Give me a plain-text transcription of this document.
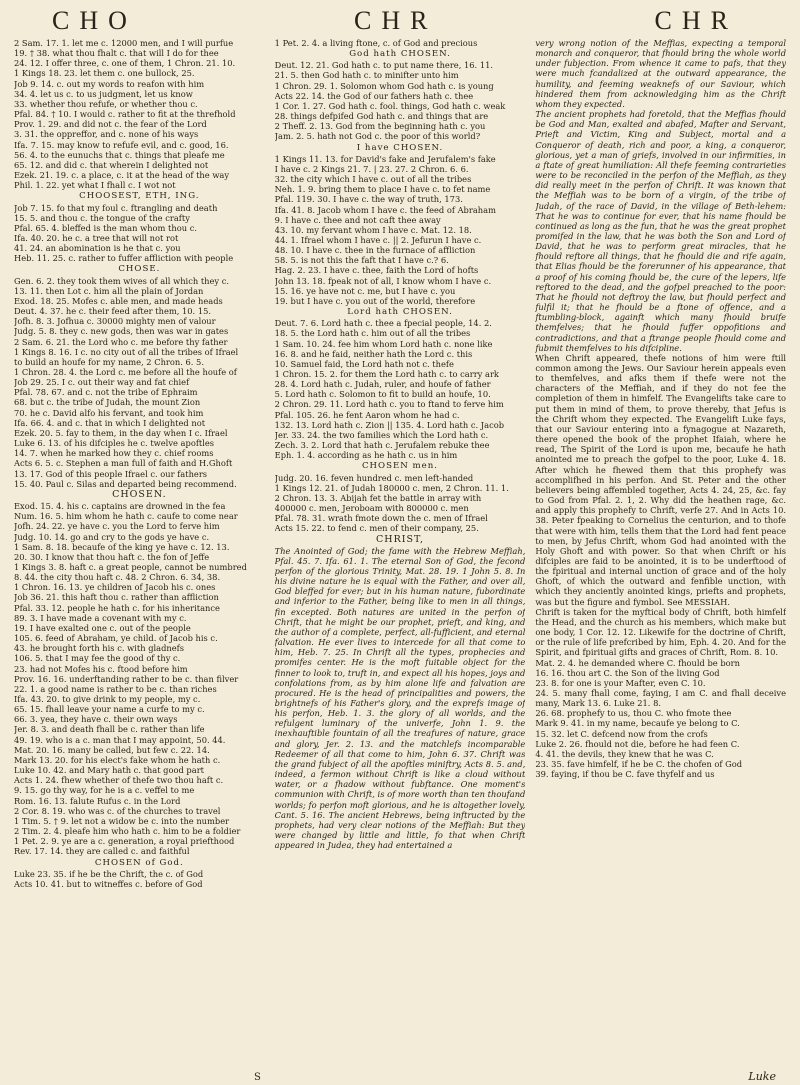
CHO	CHR	CHR

2 Sam. 17. 1. let me c. 12000 men, and I will purfue

19. † 38. what thou fhalt c. that will I do for thee

24. 12. I offer three, c. one of them, 1 Chron. 21. 10.

1 Kings 18. 23. let them c. one bullock, 25.

Job 9. 14. c. out my words to reafon with him

34. 4. let us c. to us judgment, let us know

33. whether thou refufe, or whether thou c.

Pfal. 84. † 10. I would c. rather to fit at the threfhold

Prov. 1. 29. and did not c. the fear of the Lord

3. 31. the oppreffor, and c. none of his ways

Ifa. 7. 15. may know to refufe evil, and c. good, 16.

56. 4. to the eunuchs that c. things that pleafe me

65. 12. and did c. that wherein I delighted not

Ezek. 21. 19. c. a place, c. it at the head of the way

Phil. 1. 22. yet what I fhall c. I wot not

CHOOSEST, ETH, ING.

Job 7. 15. fo that my foul c. ftrangling and death

15. 5. and thou c. the tongue of the crafty

Pfal. 65. 4. bleffed is the man whom thou c.

Ifa. 40. 20. he c. a tree that will not rot

41. 24. an abomination is he that c. you

Heb. 11. 25. c. rather to fuffer affliction with people

CHOSE.

Gen. 6. 2. they took them wives of all which they c.

13. 11. then Lot c. him all the plain of Jordan

Exod. 18. 25. Mofes c. able men, and made heads

Deut. 4. 37. he c. their feed after them, 10. 15.

Jofh. 8. 3. Jofhua c. 30000 mighty men of valour

Judg. 5. 8. they c. new gods, then was war in gates

2 Sam. 6. 21. the Lord who c. me before thy father

1 Kings 8. 16. I c. no city out of all the tribes of Ifrael

to build an houfe for my name, 2 Chron. 6. 5.

1 Chron. 28. 4. the Lord c. me before all the houfe of

Job 29. 25. I c. out their way and fat chief

Pfal. 78. 67. and c. not the tribe of Ephraim

68. but c. the tribe of Judah, the mount Zion

70. he c. David alfo his fervant, and took him

Ifa. 66. 4. and c. that in which I delighted not

Ezek. 20. 5. fay to them, in the day when I c. Ifrael

Luke 6. 13. of his difciples he c. twelve apoftles

14. 7. when he marked how they c. chief rooms

Acts 6. 5. c. Stephen a man full of faith and H.Ghoft

13. 17. God of this people Ifrael c. our fathers

15. 40. Paul c. Silas and departed being recommend.

CHOSEN.

Exod. 15. 4. his c. captains are drowned in the fea

Num. 16. 5. him whom he hath c. caufe to come near

Jofh. 24. 22. ye have c. you the Lord to ferve him

Judg. 10. 14. go and cry to the gods ye have c.

1 Sam. 8. 18. becaufe of the king ye have c. 12. 13.

20. 30. I know that thou haft c. the fon of Jeffe

1 Kings 3. 8. haft c. a great people, cannot be numbred

8. 44. the city thou haft c. 48. 2 Chron. 6. 34, 38.

1 Chron. 16. 13. ye children of Jacob his c. ones

Job 36. 21. this haft thou c. rather than affliction

Pfal. 33. 12. people he hath c. for his inheritance

89. 3. I have made a covenant with my c.

19. I have exalted one c. out of the people

105. 6. feed of Abraham, ye child. of Jacob his c.

43. he brought forth his c. with gladnefs

106. 5. that I may fee the good of thy c.

23. had not Mofes his c. ftood before him

Prov. 16. 16. underftanding rather to be c. than filver

22. 1. a good name is rather to be c. than riches

Ifa. 43. 20. to give drink to my people, my c.

65. 15. fhall leave your name a curfe to my c.

66. 3. yea, they have c. their own ways

Jer. 8. 3. and death fhall be c. rather than life

49. 19. who is a c. man that I may appoint, 50. 44.

Mat. 20. 16. many be called, but few c. 22. 14.

Mark 13. 20. for his elect's fake whom he hath c.

Luke 10. 42. and Mary hath c. that good part

Acts 1. 24. fhew whether of thefe two thou haft c.

9. 15. go thy way, for he is a c. veffel to me

Rom. 16. 13. falute Rufus c. in the Lord

2 Cor. 8. 19. who was c. of the churches to travel

1 Tim. 5. † 9. let not a widow be c. into the number

2 Tim. 2. 4. pleafe him who hath c. him to be a foldier

1 Pet. 2. 9. ye are a c. generation, a royal priefthood

Rev. 17. 14. they are called c. and faithful

CHOSEN of God.

Luke 23. 35. if he be the Chrift, the c. of God

Acts 10. 41. but to witneffes c. before of God

1 Pet. 2. 4. a living ftone, c. of God and precious

God hath CHOSEN.

Deut. 12. 21. God hath c. to put name there, 16. 11.

21. 5. then God hath c. to minifter unto him

1 Chron. 29. 1. Solomon whom God hath c. is young

Acts 22. 14. the God of our fathers hath c. thee

1 Cor. 1. 27. God hath c. fool. things, God hath c. weak

28. things defpifed God hath c. and things that are

2 Theff. 2. 13. God from the beginning hath c. you

Jam. 2. 5. hath not God c. the poor of this world?

I have CHOSEN.

1 Kings 11. 13. for David's fake and Jerufalem's fake

I have c. 2 Kings 21. 7. | 23. 27. 2 Chron. 6. 6.

32. the city which I have c. out of all the tribes

Neh. 1. 9. bring them to place I have c. to fet name

Pfal. 119. 30. I have c. the way of truth, 173.

Ifa. 41. 8. Jacob whom I have c. the feed of Abraham

9. I have c. thee and not caft thee away

43. 10. my fervant whom I have c. Mat. 12. 18.

44. 1. Ifrael whom I have c. || 2. Jefurun I have c.

48. 10. I have c. thee in the furnace of affliction

58. 5. is not this the faft that I have c.? 6.

Hag. 2. 23. I have c. thee, faith the Lord of hofts

John 13. 18. fpeak not of all, I know whom I have c.

15. 16. ye have not c. me, but I have c. you

19. but I have c. you out of the world, therefore

Lord hath CHOSEN.

Deut. 7. 6. Lord hath c. thee a fpecial people, 14. 2.

18. 5. the Lord hath c. him out of all the tribes

1 Sam. 10. 24. fee him whom Lord hath c. none like

16. 8. and he faid, neither hath the Lord c. this

10. Samuel faid, the Lord hath not c. thefe

1 Chron. 15. 2. for them the Lord hath c. to carry ark

28. 4. Lord hath c. Judah, ruler, and houfe of father

5. Lord hath c. Solomon to fit to build an houfe, 10.

2 Chron. 29. 11. Lord hath c. you to ftand to ferve him

Pfal. 105. 26. he fent Aaron whom he had c.

132. 13. Lord hath c. Zion || 135. 4. Lord hath c. Jacob

Jer. 33. 24. the two families which the Lord hath c.

Zech. 3. 2. Lord that hath c. Jerufalem rebuke thee

Eph. 1. 4. according as he hath c. us in him

CHOSEN men.

Judg. 20. 16. feven hundred c. men left-handed

1 Kings 12. 21. of Judah 180000 c. men, 2 Chron. 11. 1.

2 Chron. 13. 3. Abijah fet the battle in array with

400000 c. men, Jeroboam with 800000 c. men

Pfal. 78. 31. wrath fmote down the c. men of Ifrael

Acts 15. 22. to fend c. men of their company, 25.

CHRIST,

The Anointed of God; the fame with the Hebrew Meffiah, Pfal. 45. 7. Ifa. 61. 1. The eternal Son of God, the fecond perfon of the glorious Trinity, Mat. 28. 19. 1 John 5. 8. In his divine nature he is equal with the Father, and over all, God bleffed for ever; but in his human nature, fubordinate and inferior to the Father, being like to men in all things, fin excepted. Both natures are united in the perfon of Chrift, that he might be our prophet, prieft, and king, and the author of a complete, perfect, all-fufficient, and eternal falvation. He ever lives to intercede for all that come to him, Heb. 7. 25. In Chrift all the types, prophecies and promifes center. He is the moft fuitable object for the finner to look to, truft in, and expect all his hopes, joys and confolations from, as by him alone life and falvation are procured. He is the head of principalities and powers, the brightnefs of his Father's glory, and the exprefs image of his perfon, Heb. 1. 3. the glory of all worlds, and the refulgent luminary of the univerfe, John 1. 9. the inexhauftible fountain of all the treafures of nature, grace and glory, Jer. 2. 13. and the matchlefs incomparable Redeemer of all that come to him, John 6. 37. Chrift was the grand fubject of all the apoftles miniftry, Acts 8. 5. and, indeed, a fermon without Chrift is like a cloud without water, or a fhadow without fubftance. One moment's communion with Chrift, is of more worth than ten thoufand worlds; fo perfon moft glorious, and he is altogether lovely, Cant. 5. 16. The ancient Hebrews, being inftructed by the prophets, had very clear notions of the Meffiah: But they were changed by little and little, fo that when Chrift appeared in Judea, they had entertained a

very wrong notion of the Meffias, expecting a temporal monarch and conqueror, that fhould bring the whole world under fubjection. From whence it came to pafs, that they were much fcandalized at the outward appearance, the humility, and feeming weaknefs of our Saviour, which hindered them from acknowledging him as the Chrift whom they expected.

The ancient prophets had foretold, that the Meffias fhould be God and Man, exalted and abafed, Mafter and Servant, Prieft and Victim, King and Subject, mortal and a Conqueror of death, rich and poor, a king, a conqueror, glorious, yet a man of griefs, involved in our infirmities, in a ftate of great humiliation: All thefe feeming contrarieties were to be reconciled in the perfon of the Meffiah, as they did really meet in the perfon of Chrift. It was known that the Meffiah was to be born of a virgin, of the tribe of Judah, of the race of David, in the village of Beth-lehem: That he was to continue for ever, that his name fhould be continued as long as the fun, that he was the great prophet promifed in the law, that he was both the Son and Lord of David, that he was to perform great miracles, that he fhould reftore all things, that he fhould die and rife again, that Elias fhould be the forerunner of his appearance, that a proof of his coming fhould be, the cure of the lepers, life reftored to the dead, and the gofpel preached to the poor: That he fhould not deftroy the law, but fhould perfect and fulfil it; that he fhould be a ftone of offence, and a ftumbling-block, againft which many fhould bruife themfelves; that he fhould fuffer oppofitions and contradictions, and that a ftrange people fhould come and fubmit themfelves to his difcipline.

When Chrift appeared, thefe notions of him were ftill common among the Jews. Our Saviour herein appeals even to themfelves, and afks them if thefe were not the characters of the Meffiah, and if they do not fee the completion of them in himfelf. The Evangelifts take care to put them in mind of them, to prove thereby, that Jefus is the Chrift whom they expected. The Evangelift Luke fays, that our Saviour entering into a fynagogue at Nazareth, there opened the book of the prophet Ifaiah, where he read, The Spirit of the Lord is upon me, becaufe he hath anointed me to preach the gofpel to the poor, Luke 4. 18. After which he fhewed them that this prophefy was accomplifhed in his perfon. And St. Peter and the other believers being affembled together, Acts 4. 24, 25, &c. fay to God from Pfal. 2. 1, 2. Why did the heathen rage, &c. and apply this prophefy to Chrift, verfe 27. And in Acts 10. 38. Peter fpeaking to Cornelius the centurion, and to thofe that were with him, tells them that the Lord had fent peace to men, by Jefus Chrift, whom God had anointed with the Holy Ghoft and with power. So that when Chrift or his difciples are faid to be anointed, it is to be underftood of the fpiritual and internal unction of grace and of the holy Ghoft, of which the outward and fenfible unction, with which they anciently anointed kings, priefts and prophets, was but the figure and fymbol. See MESSIAH.

Chrift is taken for the myftical body of Chrift, both himfelf the Head, and the church as his members, which make but one body, 1 Cor. 12. 12. Likewife for the doctrine of Chrift, or the rule of life prefcribed by him, Eph. 4. 20. And for the Spirit, and fpiritual gifts and graces of Chrift, Rom. 8. 10.

Mat. 2. 4. he demanded where C. fhould be born

16. 16. thou art C. the Son of the living God

23. 8. for one is your Mafter, even C. 10.

24. 5. many fhall come, faying, I am C. and fhall deceive many, Mark 13. 6. Luke 21. 8.

26. 68. prophefy to us, thou C. who fmote thee

Mark 9. 41. in my name, becaufe ye belong to C.

15. 32. let C. defcend now from the crofs

Luke 2. 26. fhould not die, before he had feen C.

4. 41. the devils, they knew that he was C.

23. 35. fave himfelf, if he be C. the chofen of God

39. faying, if thou be C. fave thyfelf and us

S	Luke
